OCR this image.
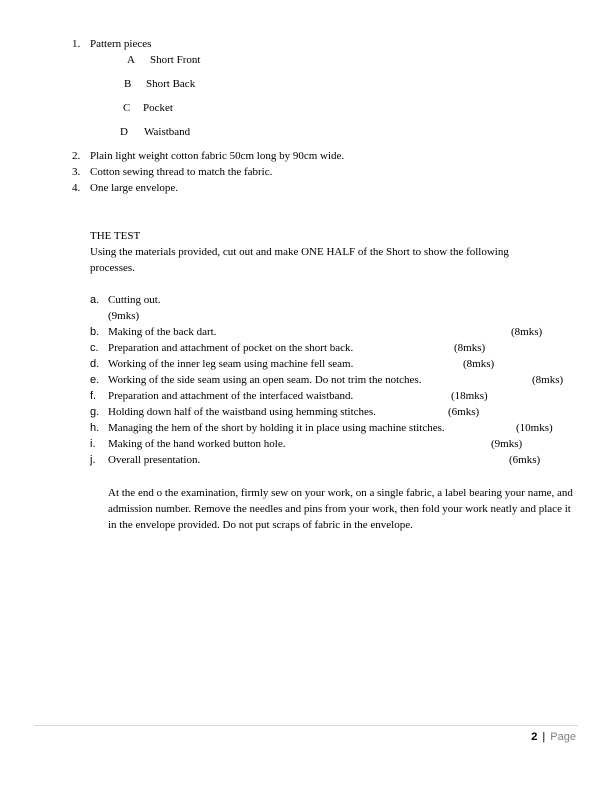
1. Pattern pieces
A Short Front
B Short Back
C Pocket
D Waistband
2. Plain light weight cotton fabric 50cm long by 90cm wide.
3. Cotton sewing thread to match the fabric.
4. One large envelope.
THE TEST
Using the materials provided, cut out and make ONE HALF of the Short to show the following
processes.
a. Cutting out.
(9mks)
b. Making of the back dart.	(8mks)
c. Preparation and attachment of pocket on the short back.	(8mks)
d. Working of the inner leg seam using machine fell seam.	(8mks)
e. Working of the side seam using an open seam. Do not trim the notches.	(8mks)
f. Preparation and attachment of the interfaced waistband.	(18mks)
g. Holding down half of the waistband using hemming stitches.	(6mks)
h. Managing the hem of the short by holding it in place using machine stitches.	(10mks)
i. Making of the hand worked button hole.	(9mks)
j. Overall presentation.	(6mks)
At the end o the examination, firmly sew on your work, on a single fabric, a label bearing your name, and admission number. Remove the needles and pins from your work, then fold your work neatly and place it in the envelope provided. Do not put scraps of fabric in the envelope.
2 | Page
